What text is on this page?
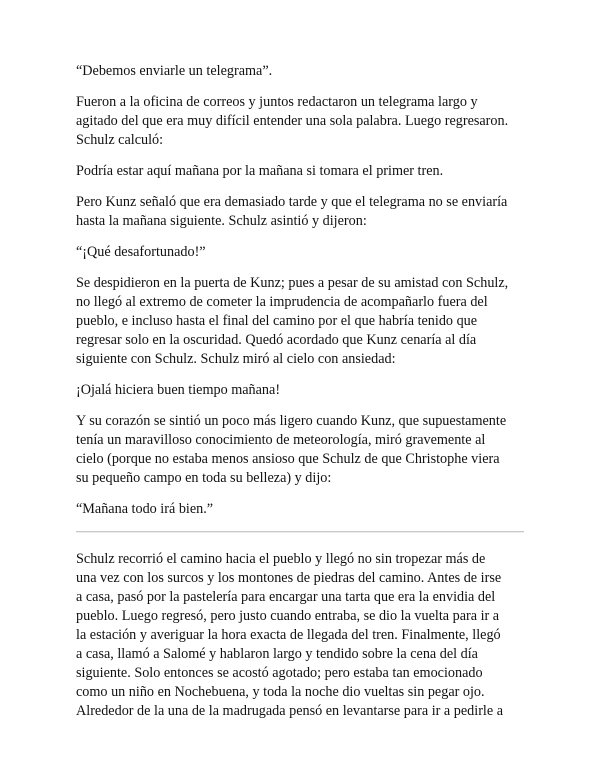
“Debemos enviarle un telegrama”.

Fueron a la oficina de correos y juntos redactaron un telegrama largo y
agitado del que era muy difícil entender una sola palabra. Luego regresaron.
Schulz calculó:

Podría estar aquí mañana por la mañana si tomara el primer tren.

Pero Kunz señaló que era demasiado tarde y que el telegrama no se enviaría
hasta la mañana siguiente. Schulz asintió y dijeron:

“¡Qué desafortunado!”

Se despidieron en la puerta de Kunz; pues a pesar de su amistad con Schulz,
no llegó al extremo de cometer la imprudencia de acompañarlo fuera del
pueblo, e incluso hasta el final del camino por el que habría tenido que
regresar solo en la oscuridad. Quedó acordado que Kunz cenaría al día
siguiente con Schulz. Schulz miró al cielo con ansiedad:

¡Ojalá hiciera buen tiempo mañana!

Y su corazón se sintió un poco más ligero cuando Kunz, que supuestamente
tenía un maravilloso conocimiento de meteorología, miró gravemente al
cielo (porque no estaba menos ansioso que Schulz de que Christophe viera
su pequeño campo en toda su belleza) y dijo:

“Mañana todo irá bien.”

Schulz recorrió el camino hacia el pueblo y llegó no sin tropezar más de
una vez con los surcos y los montones de piedras del camino. Antes de irse
a casa, pasó por la pastelería para encargar una tarta que era la envidia del
pueblo. Luego regresó, pero justo cuando entraba, se dio la vuelta para ir a
la estación y averiguar la hora exacta de llegada del tren. Finalmente, llegó
a casa, llamó a Salomé y hablaron largo y tendido sobre la cena del día
siguiente. Solo entonces se acostó agotado; pero estaba tan emocionado
como un niño en Nochebuena, y toda la noche dio vueltas sin pegar ojo.
Alrededor de la una de la madrugada pensó en levantarse para ir a pedirle a
